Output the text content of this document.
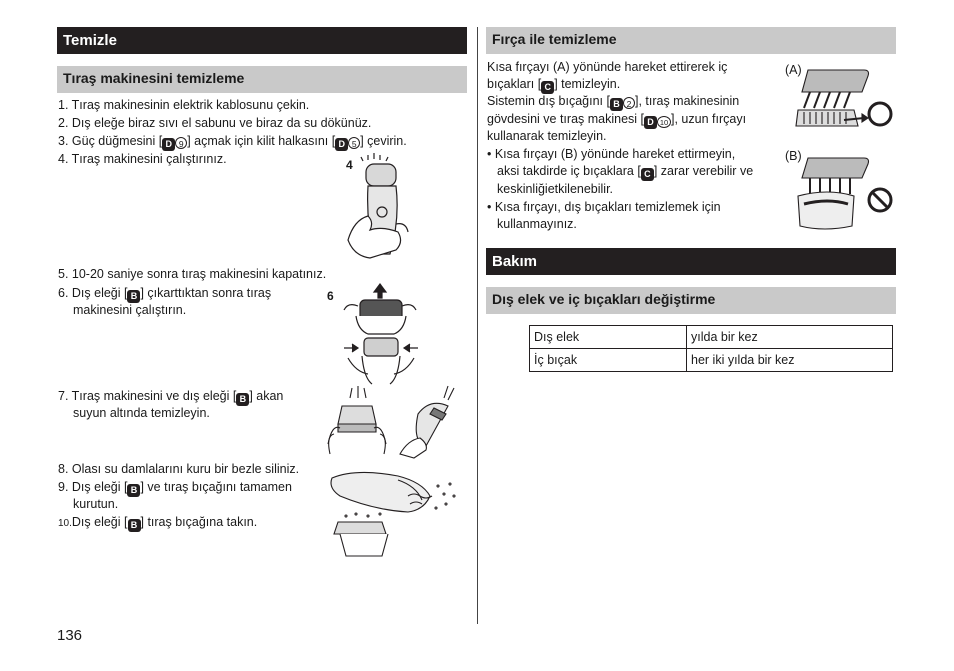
Temizle
Tıraş makinesini temizleme
1. Tıraş makinesinin elektrik kablosunu çekin.
2. Dış eleğe biraz sıvı el sabunu ve biraz da su dökünüz.
3. Güç düğmesini [ D 9 ] açmak için kilit halkasını [ D 5 ] çevirin.
4. Tıraş makinesini çalıştırınız.	4
5. 10-20 saniye sonra tıraş makinesini kapatınız.
6. Dış eleği [ B ] çıkarttıktan sonra tıraş
makinesini çalıştırın.
6
7. Tıraş makinesini ve dış eleği [ B ] akan
suyun altında temizleyin.
8. Olası su damlalarını kuru bir bezle siliniz.
9. Dış eleği [ B ] ve tıraş bıçağını tamamen
kurutun.
10.Dış eleği [ B ] tıraş bıçağına takın.
136
Fırça ile temizleme
Kısa fırçayı (A) yönünde hareket ettirerek iç
bıçakları [ C ] temizleyin.
Sistemin dış bıçağını [ B 2 ], tıraş makinesinin
gövdesini ve tıraş makinesi [ D 10 ], uzun fırçayı
kullanarak temizleyin.
• Kısa fırçayı (B) yönünde hareket ettirmeyin,
aksi takdirde iç bıçaklara [ C ] zarar verebilir ve
keskinliğietkilenebilir.
• Kısa fırçayı, dış bıçakları temizlemek için
kullanmayınız.
(A)
(B)
Bakım
Dış elek ve iç bıçakları değiştirme
Dış elek	yılda bir kez
İç bıçak	her iki yılda bir kez
